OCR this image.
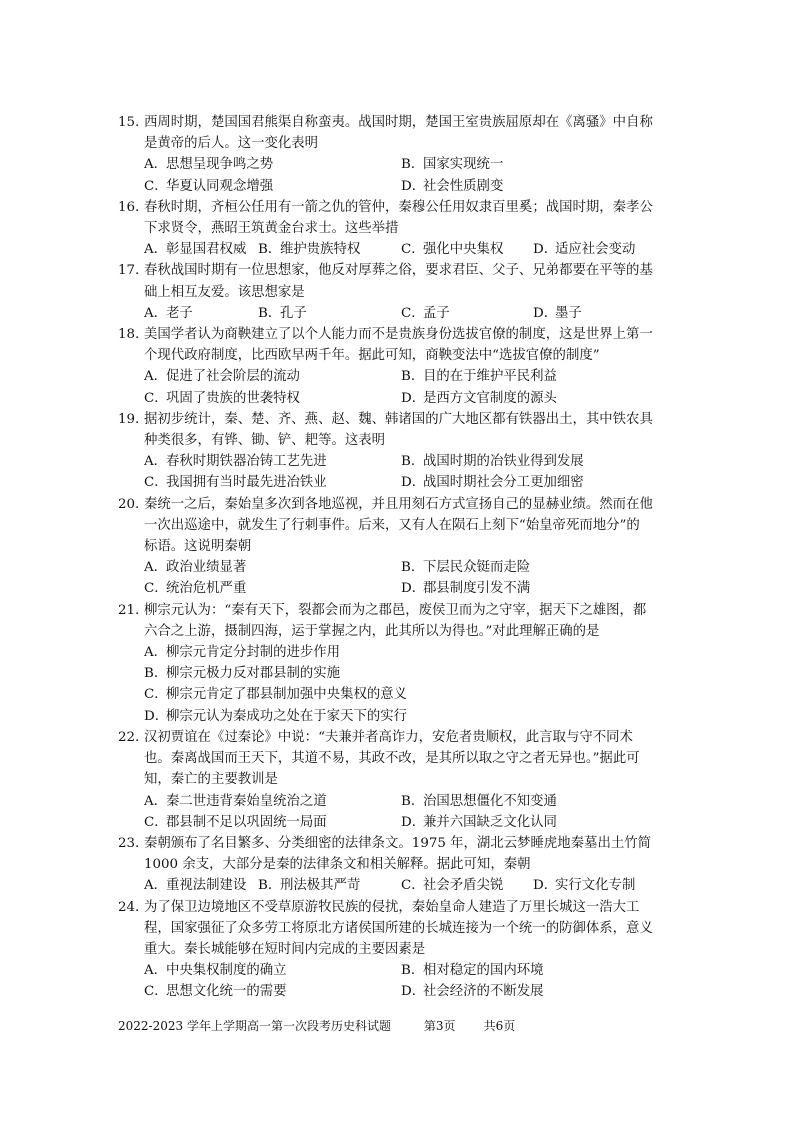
15. 西周时期，楚国国君熊渠自称蛮夷。战国时期，楚国王室贵族屈原却在《离骚》中自称
是黄帝的后人。这一变化表明
A．思想呈现争鸣之势	B．国家实现统一
C．华夏认同观念增强	D．社会性质剧变
16. 春秋时期，齐桓公任用有一箭之仇的管仲，秦穆公任用奴隶百里奚；战国时期，秦孝公
下求贤令，燕昭王筑黄金台求士。这些举措
A．彰显国君权威 B．维护贵族特权	C．强化中央集权	D．适应社会变动
17. 春秋战国时期有一位思想家，他反对厚葬之俗，要求君臣、父子、兄弟都要在平等的基
础上相互友爱。该思想家是
A．老子	B．孔子	C．孟子	D．墨子
18. 美国学者认为商鞅建立了以个人能力而不是贵族身份选拔官僚的制度，这是世界上第一
个现代政府制度，比西欧早两千年。据此可知，商鞅变法中“选拔官僚的制度”
A．促进了社会阶层的流动	B．目的在于维护平民利益
C．巩固了贵族的世袭特权	D．是西方文官制度的源头
19. 据初步统计，秦、楚、齐、燕、赵、魏、韩诸国的广大地区都有铁器出土，其中铁农具
种类很多，有铧、锄、铲、耙等。这表明
A．春秋时期铁器冶铸工艺先进	B．战国时期的冶铁业得到发展
C．我国拥有当时最先进冶铁业	D．战国时期社会分工更加细密
20. 秦统一之后，秦始皇多次到各地巡视，并且用刻石方式宣扬自己的显赫业绩。然而在他
一次出巡途中，就发生了行刺事件。后来，又有人在陨石上刻下“始皇帝死而地分”的
标语。这说明秦朝
A．政治业绩显著	B．下层民众铤而走险
C．统治危机严重	D．郡县制度引发不满
21. 柳宗元认为：“秦有天下，裂都会而为之郡邑，废侯卫而为之守宰，据天下之雄图，都
六合之上游，摄制四海，运于掌握之内，此其所以为得也。”对此理解正确的是
A．柳宗元肯定分封制的进步作用
B．柳宗元极力反对郡县制的实施
C．柳宗元肯定了郡县制加强中央集权的意义
D．柳宗元认为秦成功之处在于家天下的实行
22. 汉初贾谊在《过秦论》中说：“夫兼并者高诈力，安危者贵顺权，此言取与守不同术
也。秦离战国而王天下，其道不易，其政不改，是其所以取之守之者无异也。”据此可
知，秦亡的主要教训是
A．秦二世违背秦始皇统治之道	B．治国思想僵化不知变通
C．郡县制不足以巩固统一局面	D．兼并六国缺乏文化认同
23. 秦朝颁布了名目繁多、分类细密的法律条文。1975 年，湖北云梦睡虎地秦墓出土竹简
1000 余支，大部分是秦的法律条文和相关解释。据此可知，秦朝
A．重视法制建设 B．刑法极其严苛	C．社会矛盾尖锐	D．实行文化专制
24. 为了保卫边境地区不受草原游牧民族的侵扰，秦始皇命人建造了万里长城这一浩大工
程，国家强征了众多劳工将原北方诸侯国所建的长城连接为一个统一的防御体系，意义
重大。秦长城能够在短时间内完成的主要因素是
A．中央集权制度的确立	B．相对稳定的国内环境
C．思想文化统一的需要	D．社会经济的不断发展
2022-2023 学年上学期高一第一次段考历史科试题	第3页 共6页
